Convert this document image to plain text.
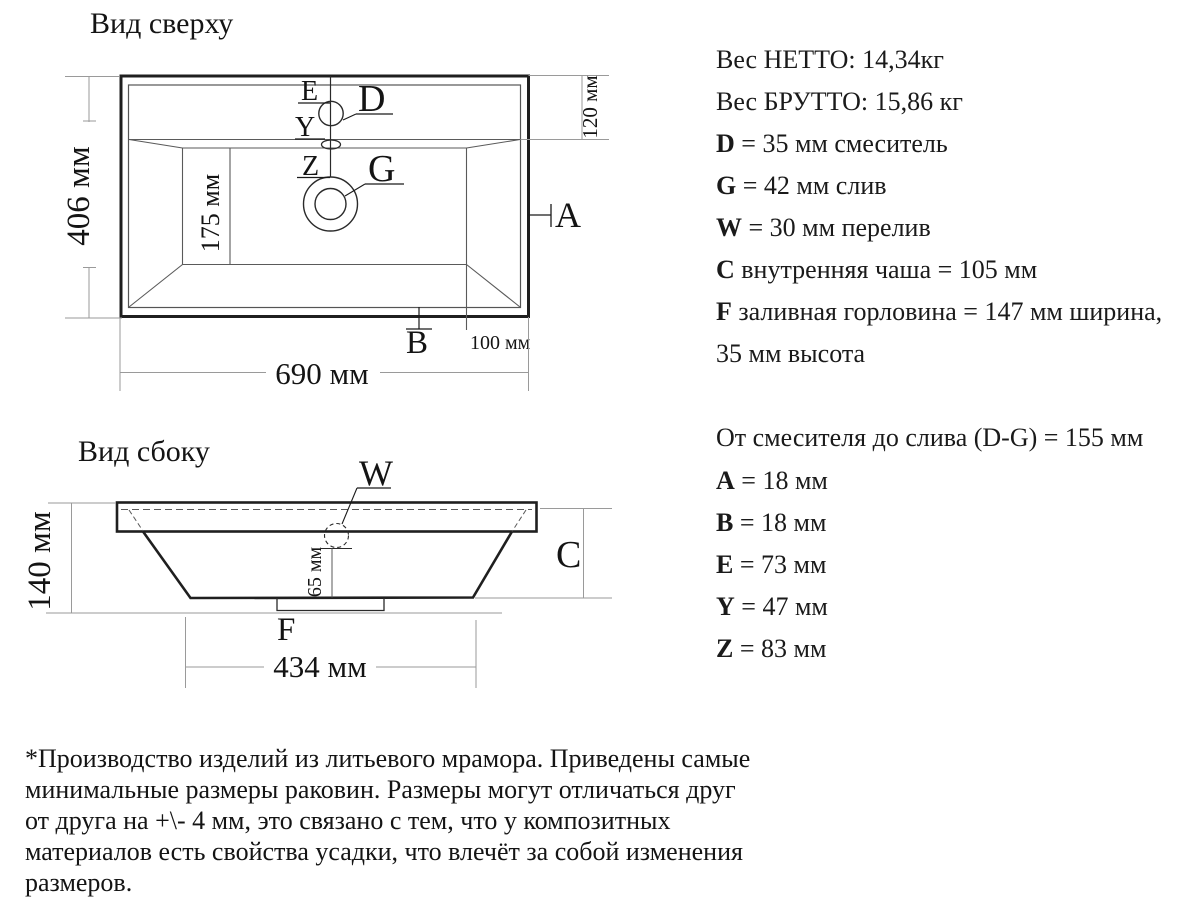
Вид сверху
175 мм
E D
Y
Z G
A
B 100 мм
690 мм
406 мм
120 мм
Вид сбоку
65 мм
W
C
140 мм
F
434 мм
Вес НЕТТО: 14,34кг
Вес БРУТТО: 15,86 кг
D = 35 мм смеситель
G = 42 мм слив
W = 30 мм перелив
C внутренняя чаша = 105 мм
F заливная горловина = 147 мм ширина,
35 мм высота
От смесителя до слива (D-G) = 155 мм
A = 18 мм
B = 18 мм
E = 73 мм
Y = 47 мм
Z = 83 мм
*Производство изделий из литьевого мрамора. Приведены самые
минимальные размеры раковин. Размеры могут отличаться друг
от друга на +\- 4 мм, это связано с тем, что у композитных
материалов есть свойства усадки, что влечёт за собой изменения
размеров.
